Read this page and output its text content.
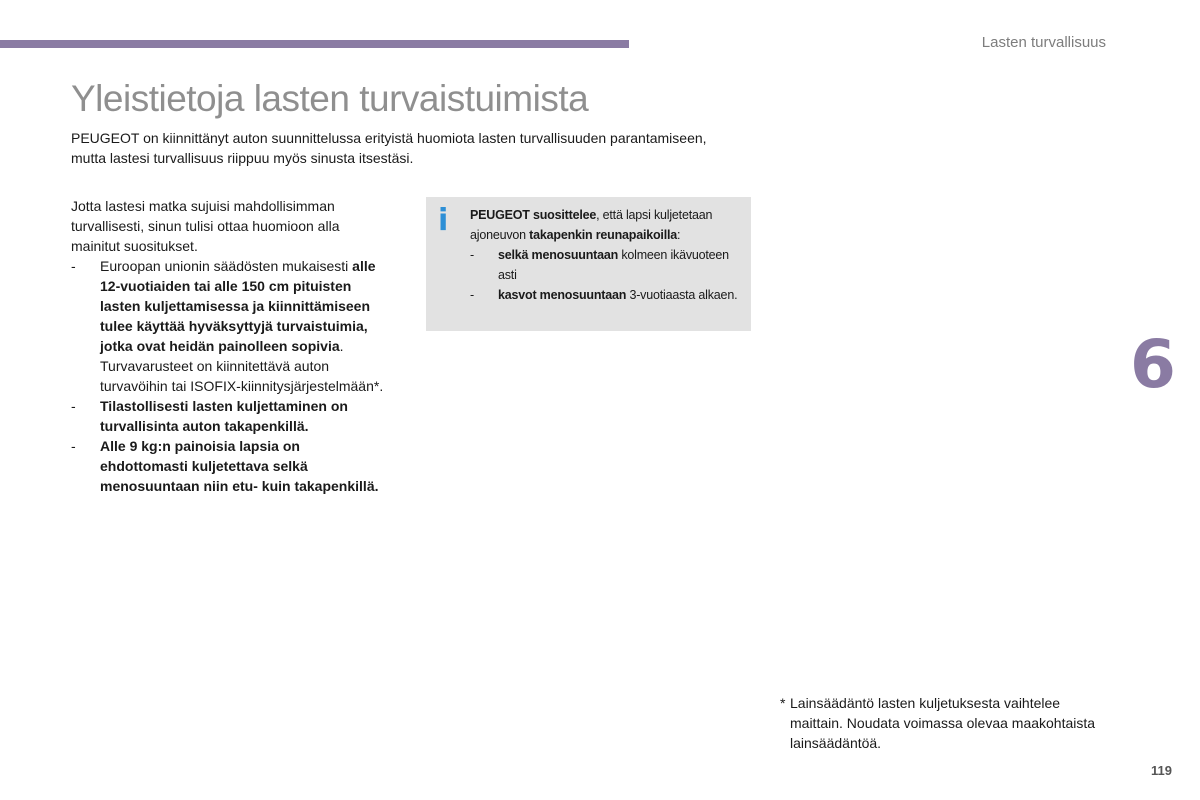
Lasten turvallisuus
Yleistietoja lasten turvaistuimista

PEUGEOT on kiinnittänyt auton suunnittelussa erityistä huomiota lasten turvallisuuden parantamiseen, mutta lastesi turvallisuus riippuu myös sinusta itsestäsi.

Jotta lastesi matka sujuisi mahdollisimman turvallisesti, sinun tulisi ottaa huomioon alla mainitut suositukset.

- Euroopan unionin säädösten mukaisesti alle 12-vuotiaiden tai alle 150 cm pituisten lasten kuljettamisessa ja kiinnittämiseen tulee käyttää hyväksyttyjä turvaistuimia, jotka ovat heidän painolleen sopivia. Turvavarusteet on kiinnitettävä auton turvavöihin tai ISOFIX-kiinnitysjärjestelmään*.
- Tilastollisesti lasten kuljettaminen on turvallisinta auton takapenkillä.
- Alle 9 kg:n painoisia lapsia on ehdottomasti kuljetettava selkä menosuuntaan niin etu- kuin takapenkillä.
i PEUGEOT suosittelee, että lapsi kuljetetaan ajoneuvon takapenkin reunapaikoilla:

- selkä menosuuntaan kolmeen ikävuoteen asti
- kasvot menosuuntaan 3-vuotiaasta alkaen.
6
* Lainsäädäntö lasten kuljetuksesta vaihtelee maittain. Noudata voimassa olevaa maakohtaista lainsäädäntöä.
119
